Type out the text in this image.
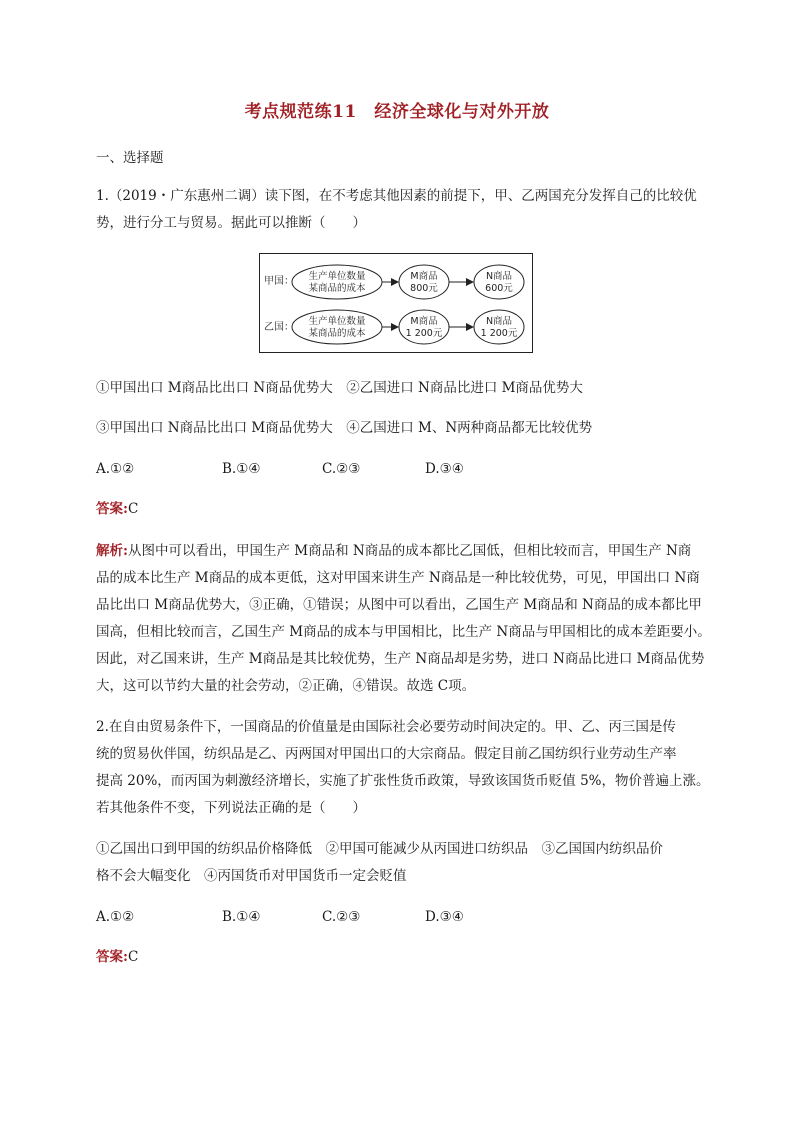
考点规范练11　经济全球化与对外开放
一、选择题
1.（2019・广东惠州二调）读下图，在不考虑其他因素的前提下，甲、乙两国充分发挥自己的比较优
势，进行分工与贸易。据此可以推断（　　）
甲国： 生产单位数量
某商品的成本
M商品
800元
N商品
600元
乙国：
生产单位数量
某商品的成本
M商品
1 200元
N商品
1 200元
①甲国出口 M商品比出口 N商品优势大　②乙国进口 N商品比进口 M商品优势大
③甲国出口 N商品比出口 M商品优势大　④乙国进口 M、N两种商品都无比较优势
A.①②	B.①④	C.②③	D.③④
答案:C
解析:从图中可以看出，甲国生产 M商品和 N商品的成本都比乙国低，但相比较而言，甲国生产 N商
品的成本比生产 M商品的成本更低，这对甲国来讲生产 N商品是一种比较优势，可见，甲国出口 N商
品比出口 M商品优势大，③正确，①错误；从图中可以看出，乙国生产 M商品和 N商品的成本都比甲
国高，但相比较而言，乙国生产 M商品的成本与甲国相比，比生产 N商品与甲国相比的成本差距要小。
因此，对乙国来讲，生产 M商品是其比较优势，生产 N商品却是劣势，进口 N商品比进口 M商品优势
大，这可以节约大量的社会劳动，②正确，④错误。故选 C项。
2.在自由贸易条件下，一国商品的价值量是由国际社会必要劳动时间决定的。甲、乙、丙三国是传
统的贸易伙伴国，纺织品是乙、丙两国对甲国出口的大宗商品。假定目前乙国纺织行业劳动生产率
提高 20%，而丙国为刺激经济增长，实施了扩张性货币政策，导致该国货币贬值 5%，物价普遍上涨。
若其他条件不变，下列说法正确的是（　　）
①乙国出口到甲国的纺织品价格降低　②甲国可能减少从丙国进口纺织品　③乙国国内纺织品价
格不会大幅变化　④丙国货币对甲国货币一定会贬值
A.①②	B.①④	C.②③	D.③④
答案:C
